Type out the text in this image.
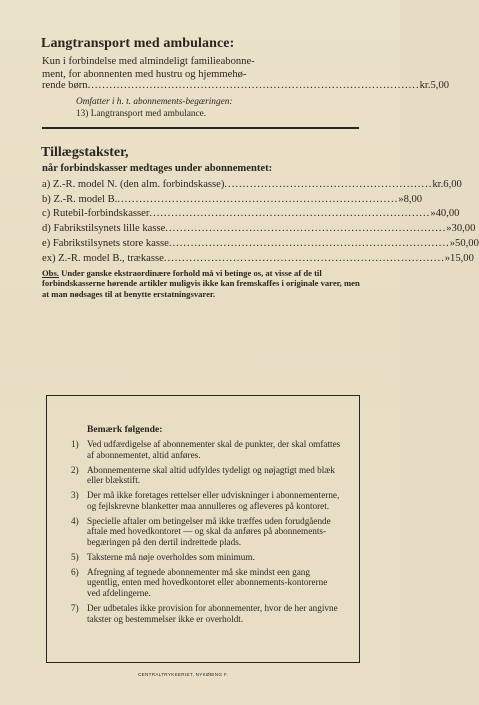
Langtransport med ambulance:
Kun i forbindelse med almindeligt familieabonne-
ment, for abonnenten med hustru og hjemmehø-
rende børn ........................................................................................... kr. 5,00
Omfatter i h. t. abonnements-begæringen:
13) Langtransport med ambulance.
Tillægstakster,
når forbindskasser medtages under abonnementet:
a) Z.-R. model N. (den alm. forbindskasse) ......................................................... kr. 6,00
b) Z.-R. model B. ............................................................................. » 8,00
c) Rutebil-forbindskasser ............................................................................. » 40,00
d) Fabrikstilsynets lille kasse ............................................................................. » 30,00
e) Fabrikstilsynets store kasse ............................................................................. » 50,00
ex) Z.-R. model B., trækasse ............................................................................. » 15,00
Obs. Under ganske ekstraordinære forhold må vi betinge os, at visse af de til forbindskasserne hørende artikler muligvis ikke kan fremskaffes i originale varer, men at man nødsages til at benytte erstatningsvarer.
Bemærk følgende:
1) Ved udfærdigelse af abonnementer skal de punkter, der skal omfattes af abonnementet, altid anføres.
2) Abonnementerne skal altid udfyldes tydeligt og nøjagtigt med blæk eller blækstift.
3) Der må ikke foretages rettelser eller udviskninger i abonnementerne, og fejlskrevne blanketter maa annulleres og afleveres på kontoret.
4) Specielle aftaler om betingelser må ikke træffes uden forudgående aftale med hovedkontoret — og skal da anføres på abonnements-begæringen på den dertil indrettede plads.
5) Taksterne må nøje overholdes som minimum.
6) Afregning af tegnede abonnementer må ske mindst een gang ugentlig, enten med hovedkontoret eller abonnements-kontorerne ved afdelingerne.
7) Der udbetales ikke provision for abonnementer, hvor de her angivne takster og bestemmelser ikke er overholdt.
CENTRALTRYKKERIET, NYKØBING F.
